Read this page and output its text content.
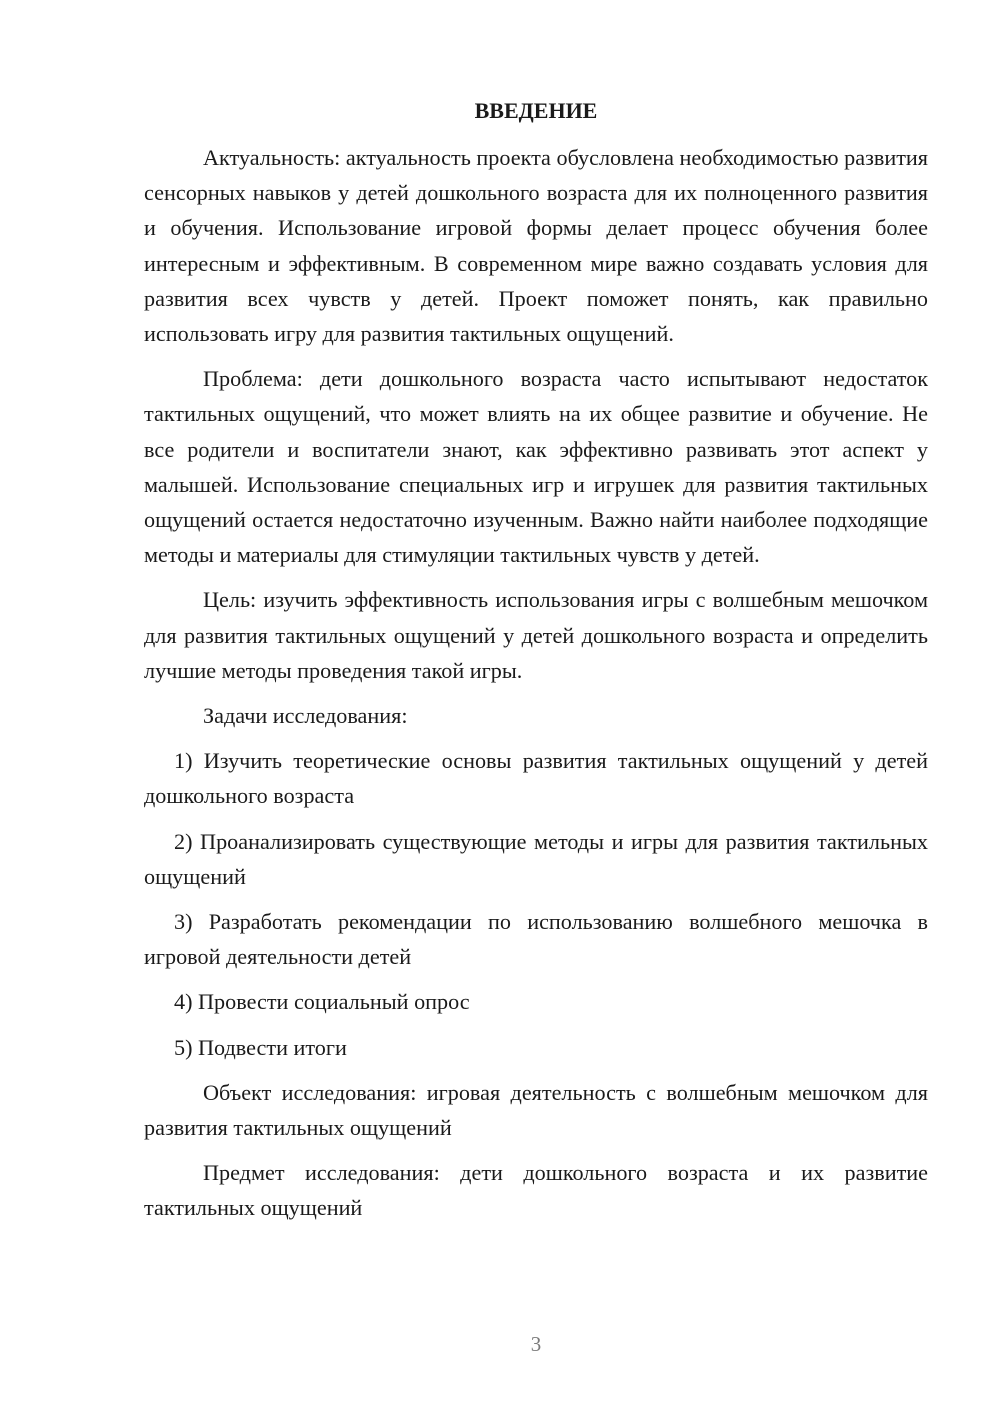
ВВЕДЕНИЕ
Актуальность: актуальность проекта обусловлена необходимостью развития сенсорных навыков у детей дошкольного возраста для их полноценного развития и обучения. Использование игровой формы делает процесс обучения более интересным и эффективным. В современном мире важно создавать условия для развития всех чувств у детей. Проект поможет понять, как правильно использовать игру для развития тактильных ощущений.
Проблема: дети дошкольного возраста часто испытывают недостаток тактильных ощущений, что может влиять на их общее развитие и обучение. Не все родители и воспитатели знают, как эффективно развивать этот аспект у малышей. Использование специальных игр и игрушек для развития тактильных ощущений остается недостаточно изученным. Важно найти наиболее подходящие методы и материалы для стимуляции тактильных чувств у детей.
Цель: изучить эффективность использования игры с волшебным мешочком для развития тактильных ощущений у детей дошкольного возраста и определить лучшие методы проведения такой игры.
Задачи исследования:
1) Изучить теоретические основы развития тактильных ощущений у детей дошкольного возраста
2) Проанализировать существующие методы и игры для развития тактильных ощущений
3) Разработать рекомендации по использованию волшебного мешочка в игровой деятельности детей
4) Провести социальный опрос
5) Подвести итоги
Объект исследования: игровая деятельность с волшебным мешочком для развития тактильных ощущений
Предмет исследования: дети дошкольного возраста и их развитие тактильных ощущений
3
